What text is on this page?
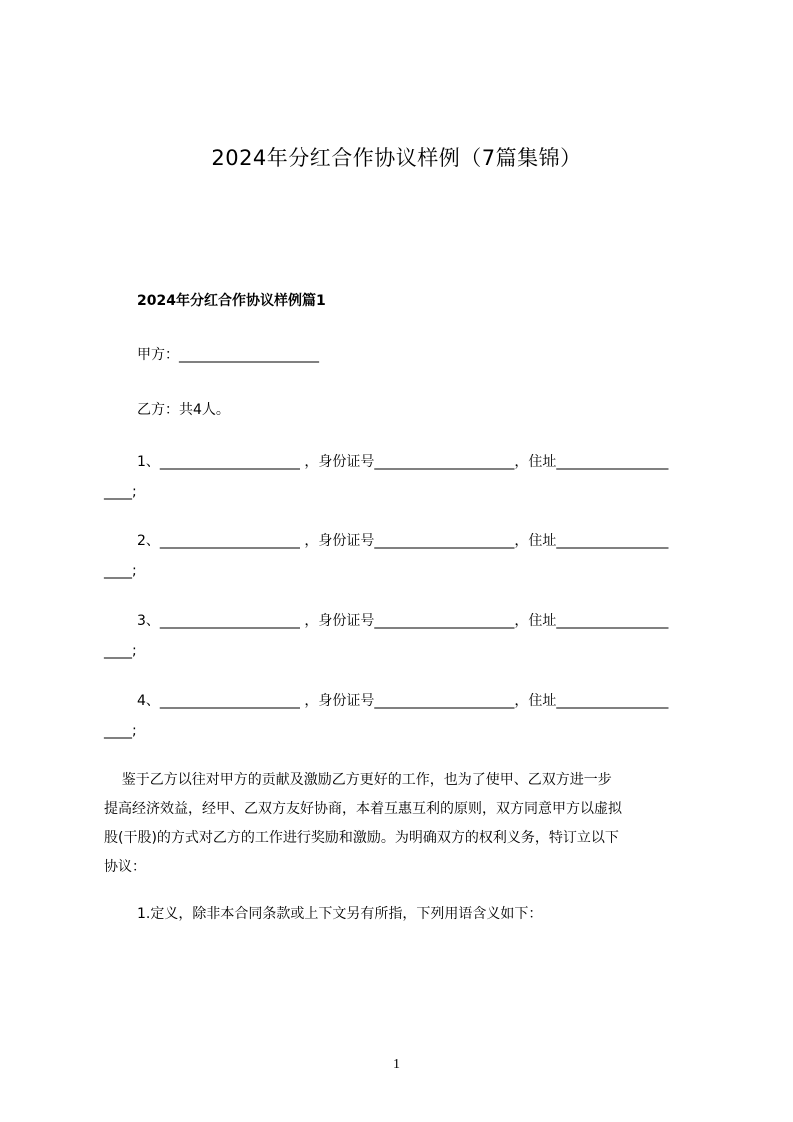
2024年分红合作协议样例（7篇集锦）
2024年分红合作协议样例篇1
甲方：____________________
乙方：共4人。
1、____________________ ，身份证号____________________，住址________________
____;
2、____________________ ，身份证号____________________，住址________________
____;
3、____________________ ，身份证号____________________，住址________________
____;
4、____________________ ，身份证号____________________，住址________________
____;
鉴于乙方以往对甲方的贡献及激励乙方更好的工作，也为了使甲、乙双方进一步
提高经济效益，经甲、乙双方友好协商，本着互惠互利的原则，双方同意甲方以虚拟
股(干股)的方式对乙方的工作进行奖励和激励。为明确双方的权利义务，特订立以下
协议：
1.定义，除非本合同条款或上下文另有所指，下列用语含义如下：
1
